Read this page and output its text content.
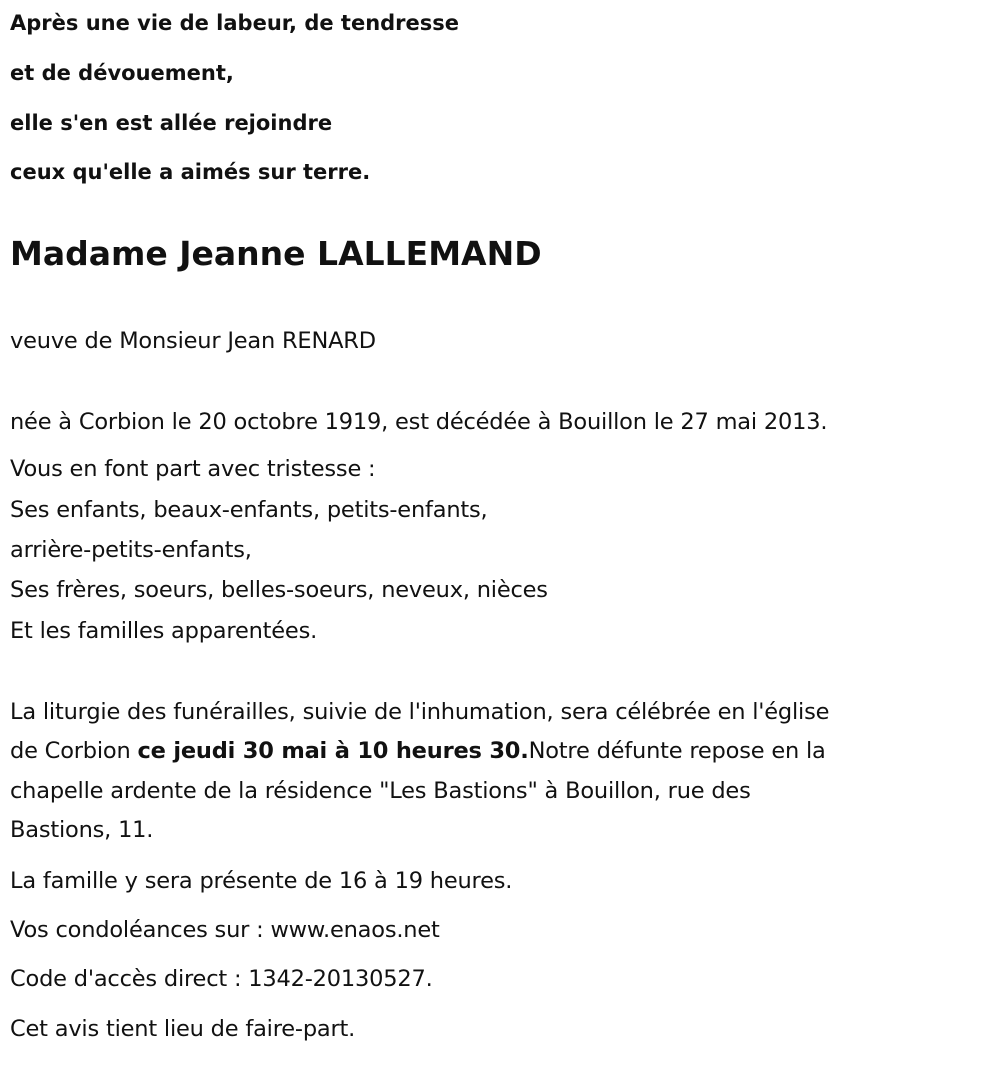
Après une vie de labeur, de tendresse
et de dévouement,
elle s'en est allée rejoindre
ceux qu'elle a aimés sur terre.
Madame Jeanne LALLEMAND
veuve de Monsieur Jean RENARD
née à Corbion le 20 octobre 1919, est décédée à Bouillon le 27 mai 2013.
Vous en font part avec tristesse :
Ses enfants, beaux-enfants, petits-enfants,
arrière-petits-enfants,
Ses frères, soeurs, belles-soeurs, neveux, nièces
Et les familles apparentées.
La liturgie des funérailles, suivie de l'inhumation, sera célébrée en l'église
de Corbion ce jeudi 30 mai à 10 heures 30.Notre défunte repose en la
chapelle ardente de la résidence "Les Bastions" à Bouillon, rue des
Bastions, 11.
La famille y sera présente de 16 à 19 heures.
Vos condoléances sur : www.enaos.net
Code d'accès direct : 1342-20130527.
Cet avis tient lieu de faire-part.
